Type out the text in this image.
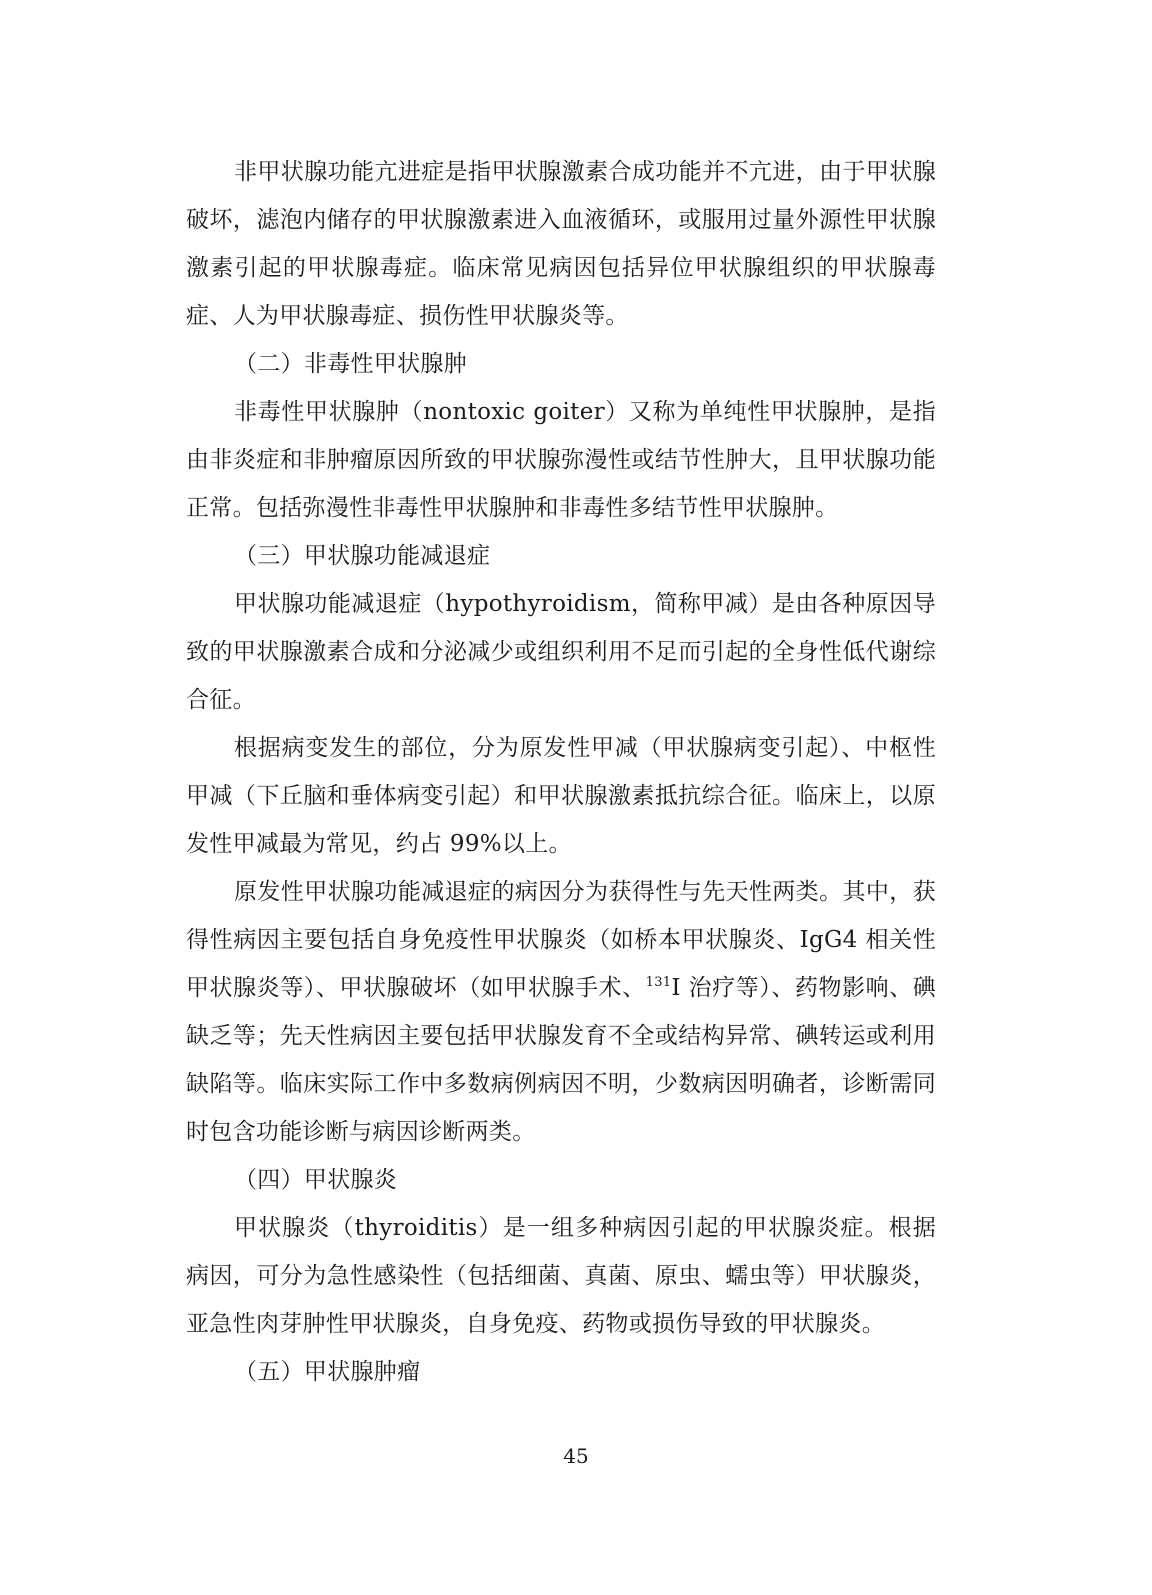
非甲状腺功能亢进症是指甲状腺激素合成功能并不亢进，由于甲状腺破坏，滤泡内储存的甲状腺激素进入血液循环，或服用过量外源性甲状腺激素引起的甲状腺毒症。临床常见病因包括异位甲状腺组织的甲状腺毒症、人为甲状腺毒症、损伤性甲状腺炎等。

（二）非毒性甲状腺肿

非毒性甲状腺肿（nontoxic goiter）又称为单纯性甲状腺肿，是指由非炎症和非肿瘤原因所致的甲状腺弥漫性或结节性肿大，且甲状腺功能正常。包括弥漫性非毒性甲状腺肿和非毒性多结节性甲状腺肿。

（三）甲状腺功能减退症

甲状腺功能减退症（hypothyroidism，简称甲减）是由各种原因导致的甲状腺激素合成和分泌减少或组织利用不足而引起的全身性低代谢综合征。

根据病变发生的部位，分为原发性甲减（甲状腺病变引起）、中枢性甲减（下丘脑和垂体病变引起）和甲状腺激素抵抗综合征。临床上，以原发性甲减最为常见，约占 99%以上。

原发性甲状腺功能减退症的病因分为获得性与先天性两类。其中，获得性病因主要包括自身免疫性甲状腺炎（如桥本甲状腺炎、IgG4 相关性甲状腺炎等）、甲状腺破坏（如甲状腺手术、$^{131}$I 治疗等）、药物影响、碘缺乏等；先天性病因主要包括甲状腺发育不全或结构异常、碘转运或利用缺陷等。临床实际工作中多数病例病因不明，少数病因明确者，诊断需同时包含功能诊断与病因诊断两类。

（四）甲状腺炎

甲状腺炎（thyroiditis）是一组多种病因引起的甲状腺炎症。根据病因，可分为急性感染性（包括细菌、真菌、原虫、蠕虫等）甲状腺炎，亚急性肉芽肿性甲状腺炎，自身免疫、药物或损伤导致的甲状腺炎。

（五）甲状腺肿瘤

45
